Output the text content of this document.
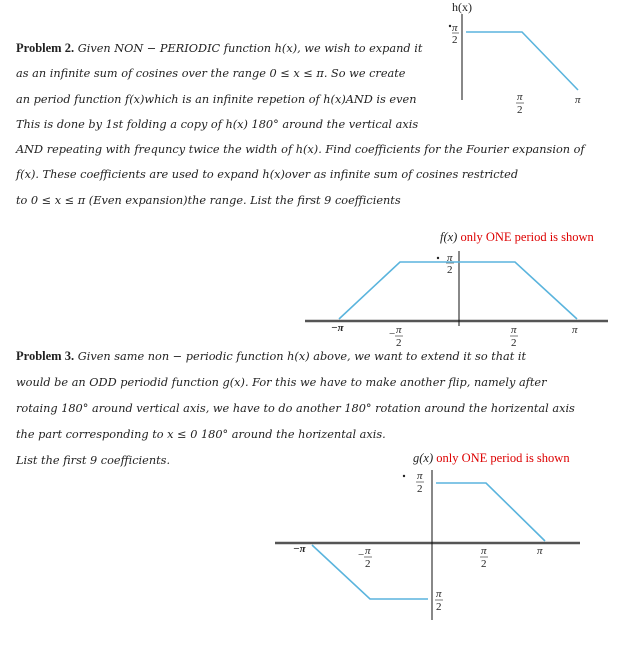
h(x)
π
2
π
2
π
Problem 2. Given NON − PERIODIC function h(x), we wish to expand it
as an infinite sum of cosines over the range 0 ≤ x ≤ π. So we create
an period function f(x)which is an infinite repetion of h(x)AND is even
This is done by 1st folding a copy of h(x) 180° around the vertical axis
AND repeating with frequncy twice the width of h(x). Find coefficients for the Fourier expansion of
f(x). These coefficients are used to expand h(x)over as infinite sum of cosines restricted
to 0 ≤ x ≤ π (Even expansion)the range. List the first 9 coefficients
f(x) only ONE period is shown
π
2
−π	− π
2
π
2
π
Problem 3. Given same non − periodic function h(x) above, we want to extend it so that it
would be an ODD periodid function g(x). For this we have to make another flip, namely after
rotaing 180° around vertical axis, we have to do another 180° rotation around the horizental axis
the part corresponding to x ≤ 0 180° around the horizental axis.
List the first 9 coefficients.	g(x) only ONE period is shown
π
2
−π	− π
2
π
2
π
π
2
